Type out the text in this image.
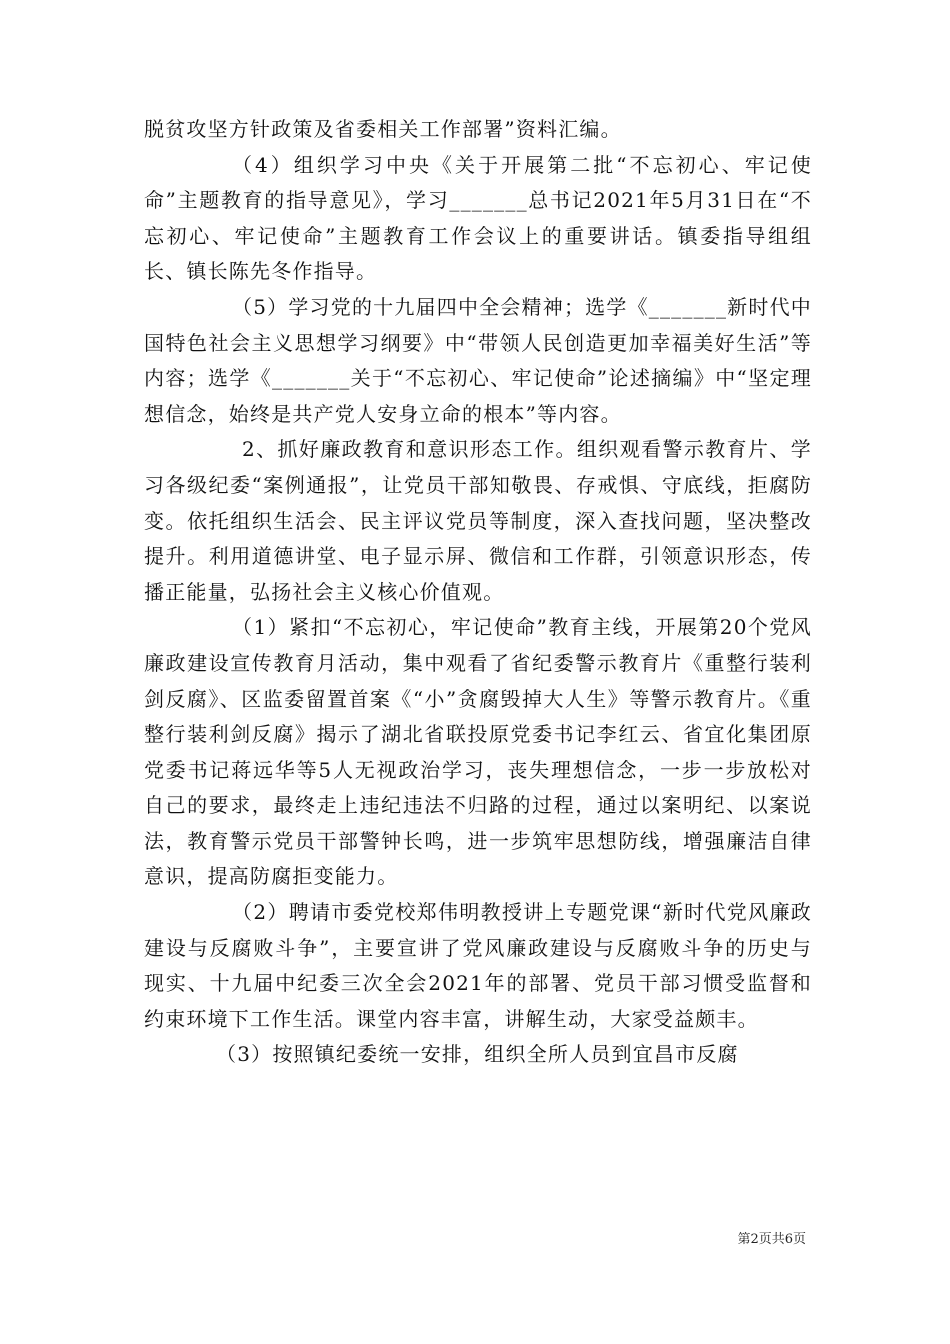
脱贫攻坚方针政策及省委相关工作部署”资料汇编。

（4）组织学习中央《关于开展第二批“不忘初心、牢记使命”主题教育的指导意见》，学习_______总书记2021年5月31日在“不忘初心、牢记使命”主题教育工作会议上的重要讲话。镇委指导组组长、镇长陈先冬作指导。

（5）学习党的十九届四中全会精神；选学《_______新时代中国特色社会主义思想学习纲要》中“带领人民创造更加幸福美好生活”等内容；选学《_______关于“不忘初心、牢记使命”论述摘编》中“坚定理想信念，始终是共产党人安身立命的根本”等内容。

2、抓好廉政教育和意识形态工作。组织观看警示教育片、学习各级纪委“案例通报”，让党员干部知敬畏、存戒惧、守底线，拒腐防变。依托组织生活会、民主评议党员等制度，深入查找问题，坚决整改提升。利用道德讲堂、电子显示屏、微信和工作群，引领意识形态，传播正能量，弘扬社会主义核心价值观。

（1）紧扣“不忘初心，牢记使命”教育主线，开展第20个党风廉政建设宣传教育月活动，集中观看了省纪委警示教育片《重整行装利剑反腐》、区监委留置首案《“小”贪腐毁掉大人生》等警示教育片。《重整行装利剑反腐》揭示了湖北省联投原党委书记李红云、省宜化集团原党委书记蒋远华等5人无视政治学习，丧失理想信念，一步一步放松对自己的要求，最终走上违纪违法不归路的过程，通过以案明纪、以案说法，教育警示党员干部警钟长鸣，进一步筑牢思想防线，增强廉洁自律意识，提高防腐拒变能力。

（2）聘请市委党校郑伟明教授讲上专题党课“新时代党风廉政建设与反腐败斗争”，主要宣讲了党风廉政建设与反腐败斗争的历史与现实、十九届中纪委三次全会2021年的部署、党员干部习惯受监督和约束环境下工作生活。课堂内容丰富，讲解生动，大家受益颇丰。

（3）按照镇纪委统一安排，组织全所人员到宜昌市反腐

第2页共6页
